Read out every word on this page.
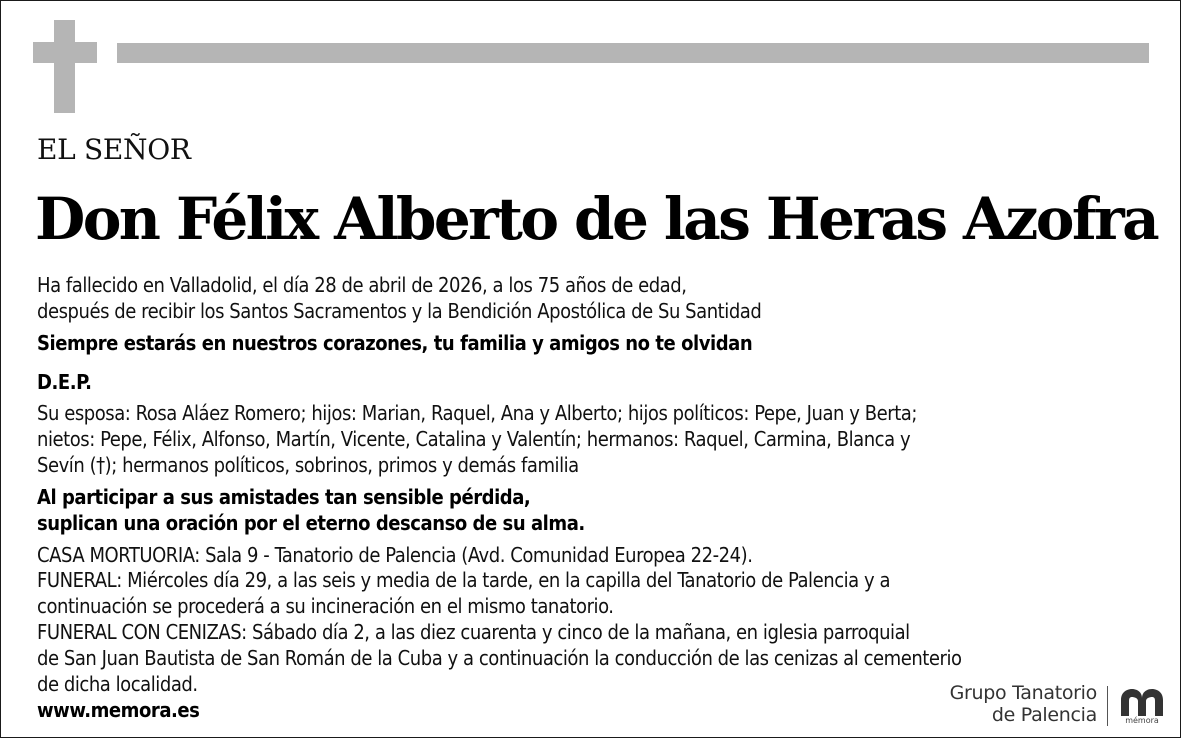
EL SEÑOR
Don Félix Alberto de las Heras Azofra
Ha fallecido en Valladolid, el día 28 de abril de 2026, a los 75 años de edad,
después de recibir los Santos Sacramentos y la Bendición Apostólica de Su Santidad
Siempre estarás en nuestros corazones, tu familia y amigos no te olvidan
D.E.P.
Su esposa: Rosa Aláez Romero; hijos: Marian, Raquel, Ana y Alberto; hijos políticos: Pepe, Juan y Berta;
nietos: Pepe, Félix, Alfonso, Martín, Vicente, Catalina y Valentín; hermanos: Raquel, Carmina, Blanca y
Sevín (†); hermanos políticos, sobrinos, primos y demás familia
Al participar a sus amistades tan sensible pérdida,
suplican una oración por el eterno descanso de su alma.
CASA MORTUORIA: Sala 9 - Tanatorio de Palencia (Avd. Comunidad Europea 22-24).
FUNERAL: Miércoles día 29, a las seis y media de la tarde, en la capilla del Tanatorio de Palencia y a
continuación se procederá a su incineración en el mismo tanatorio.
FUNERAL CON CENIZAS: Sábado día 2, a las diez cuarenta y cinco de la mañana, en iglesia parroquial
de San Juan Bautista de San Román de la Cuba y a continuación la conducción de las cenizas al cementerio
de dicha localidad.
www.memora.es
Grupo Tanatorio
de Palencia	mémora
